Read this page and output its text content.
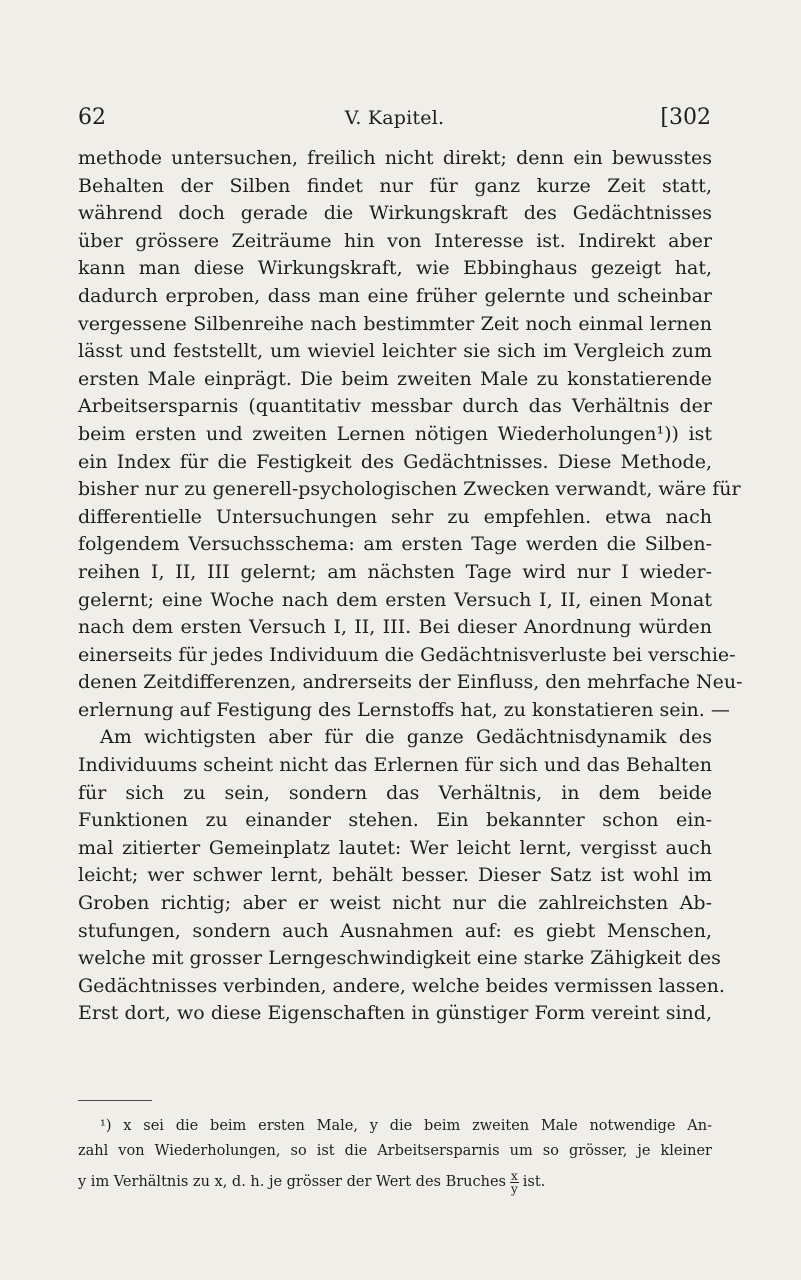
62	V. Kapitel.	[302
methode untersuchen, freilich nicht direkt; denn ein bewusstes
Behalten der Silben findet nur für ganz kurze Zeit statt,
während doch gerade die Wirkungskraft des Gedächtnisses
über grössere Zeiträume hin von Interesse ist. Indirekt aber
kann man diese Wirkungskraft, wie Ebbinghaus gezeigt hat,
dadurch erproben, dass man eine früher gelernte und scheinbar
vergessene Silbenreihe nach bestimmter Zeit noch einmal lernen
lässt und feststellt, um wieviel leichter sie sich im Vergleich zum
ersten Male einprägt. Die beim zweiten Male zu konstatierende
Arbeitsersparnis (quantitativ messbar durch das Verhältnis der
beim ersten und zweiten Lernen nötigen Wiederholungen¹)) ist
ein Index für die Festigkeit des Gedächtnisses. Diese Methode,
bisher nur zu generell-psychologischen Zwecken verwandt, wäre für
differentielle Untersuchungen sehr zu empfehlen. etwa nach
folgendem Versuchsschema: am ersten Tage werden die Silben-
reihen I, II, III gelernt; am nächsten Tage wird nur I wieder-
gelernt; eine Woche nach dem ersten Versuch I, II, einen Monat
nach dem ersten Versuch I, II, III. Bei dieser Anordnung würden
einerseits für jedes Individuum die Gedächtnisverluste bei verschie-
denen Zeitdifferenzen, andrerseits der Einfluss, den mehrfache Neu-
erlernung auf Festigung des Lernstoffs hat, zu konstatieren sein. —
Am wichtigsten aber für die ganze Gedächtnisdynamik des
Individuums scheint nicht das Erlernen für sich und das Behalten
für sich zu sein, sondern das Verhältnis, in dem beide
Funktionen zu einander stehen. Ein bekannter schon ein-
mal zitierter Gemeinplatz lautet: Wer leicht lernt, vergisst auch
leicht; wer schwer lernt, behält besser. Dieser Satz ist wohl im
Groben richtig; aber er weist nicht nur die zahlreichsten Ab-
stufungen, sondern auch Ausnahmen auf: es giebt Menschen,
welche mit grosser Lerngeschwindigkeit eine starke Zähigkeit des
Gedächtnisses verbinden, andere, welche beides vermissen lassen.
Erst dort, wo diese Eigenschaften in günstiger Form vereint sind,
¹) x sei die beim ersten Male, y die beim zweiten Male notwendige An-
zahl von Wiederholungen, so ist die Arbeitsersparnis um so grösser, je kleiner
y im Verhältnis zu x, d. h. je grösser der Wert des Bruches $\frac{x}{y}$ ist.
